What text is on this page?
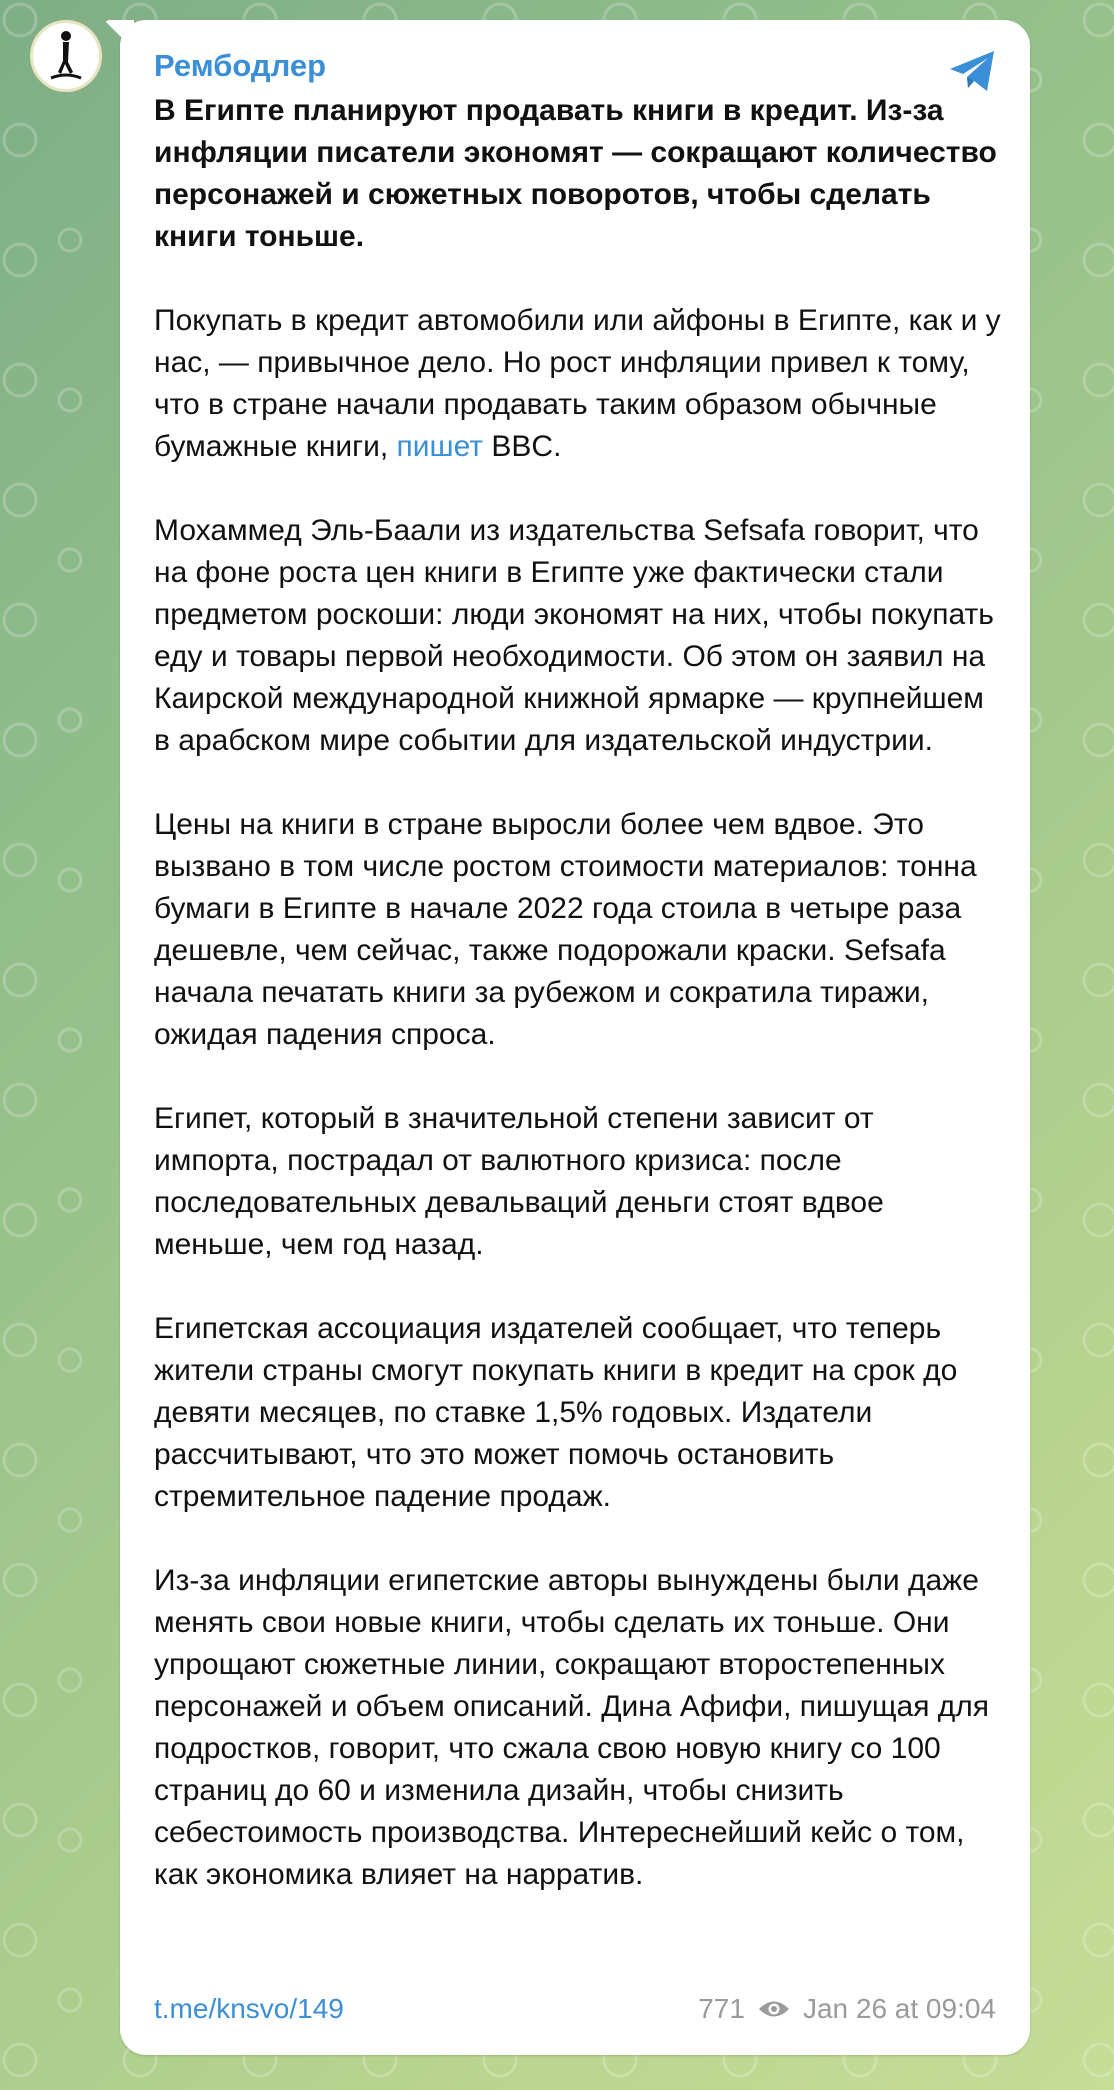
Рембодлер

В Египте планируют продавать книги в кредит. Из-за инфляции писатели экономят — сокращают количество персонажей и сюжетных поворотов, чтобы сделать книги тоньше.

Покупать в кредит автомобили или айфоны в Египте, как и у нас, — привычное дело. Но рост инфляции привел к тому, что в стране начали продавать таким образом обычные бумажные книги, пишет BBC.

Мохаммед Эль-Баали из издательства Sefsafa говорит, что на фоне роста цен книги в Египте уже фактически стали предметом роскоши: люди экономят на них, чтобы покупать еду и товары первой необходимости. Об этом он заявил на Каирской международной книжной ярмарке — крупнейшем в арабском мире событии для издательской индустрии.

Цены на книги в стране выросли более чем вдвое. Это вызвано в том числе ростом стоимости материалов: тонна бумаги в Египте в начале 2022 года стоила в четыре раза дешевле, чем сейчас, также подорожали краски. Sefsafa начала печатать книги за рубежом и сократила тиражи, ожидая падения спроса.

Египет, который в значительной степени зависит от импорта, пострадал от валютного кризиса: после последовательных девальваций деньги стоят вдвое меньше, чем год назад.

Египетская ассоциация издателей сообщает, что теперь жители страны смогут покупать книги в кредит на срок до девяти месяцев, по ставке 1,5% годовых. Издатели рассчитывают, что это может помочь остановить стремительное падение продаж.

Из-за инфляции египетские авторы вынуждены были даже менять свои новые книги, чтобы сделать их тоньше. Они упрощают сюжетные линии, сокращают второстепенных персонажей и объем описаний. Дина Афифи, пишущая для подростков, говорит, что сжала свою новую книгу со 100 страниц до 60 и изменила дизайн, чтобы снизить себестоимость производства. Интереснейший кейс о том, как экономика влияет на нарратив.

t.me/knsvo/149	771 Jan 26 at 09:04
